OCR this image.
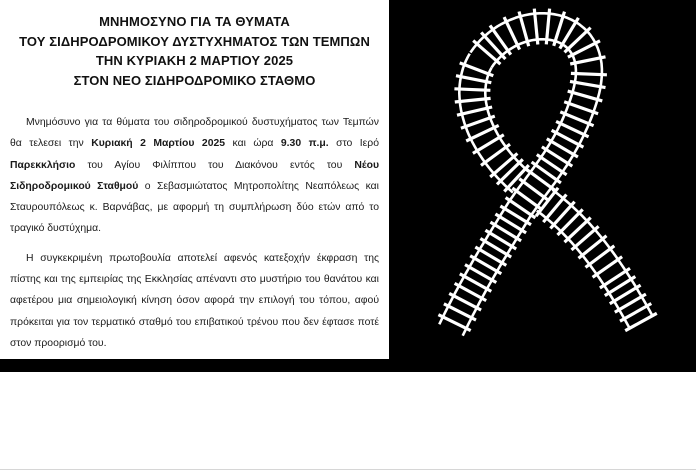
ΜΝΗΜΟΣΥΝΟ ΓΙΑ ΤΑ ΘΥΜΑΤΑ
ΤΟΥ ΣΙΔΗΡΟΔΡΟΜΙΚΟΥ ΔΥΣΤΥΧΗΜΑΤΟΣ ΤΩΝ ΤΕΜΠΩΝ
ΤΗΝ ΚΥΡΙΑΚΗ 2 ΜΑΡΤΙΟΥ 2025
ΣΤΟΝ ΝΕΟ ΣΙΔΗΡΟΔΡΟΜΙΚΟ ΣΤΑΘΜΟ

Μνημόσυνο για τα θύματα του σιδηροδρομικού δυστυχήματος των Τεμπών θα τελεσει την Κυριακή 2 Μαρτίου 2025 και ώρα 9.30 π.μ. στο Ιερό Παρεκκλήσιο του Αγίου Φιλίππου του Διακόνου εντός του Νέου Σιδηροδρομικού Σταθμού ο Σεβασμιώτατος Μητροπολίτης Νεαπόλεως και Σταυρουπόλεως κ. Βαρνάβας, με αφορμή τη συμπλήρωση δύο ετών από το τραγικό δυστύχημα.

Η συγκεκριμένη πρωτοβουλία αποτελεί αφενός κατεξοχήν έκφραση της πίστης και της εμπειρίας της Εκκλησίας απέναντι στο μυστήριο του θανάτου και αφετέρου μια σημειολογική κίνηση όσον αφορά την επιλογή του τόπου, αφού πρόκειται για τον τερματικό σταθμό του επιβατικού τρένου που δεν έφτασε ποτέ στον προορισμό του.
